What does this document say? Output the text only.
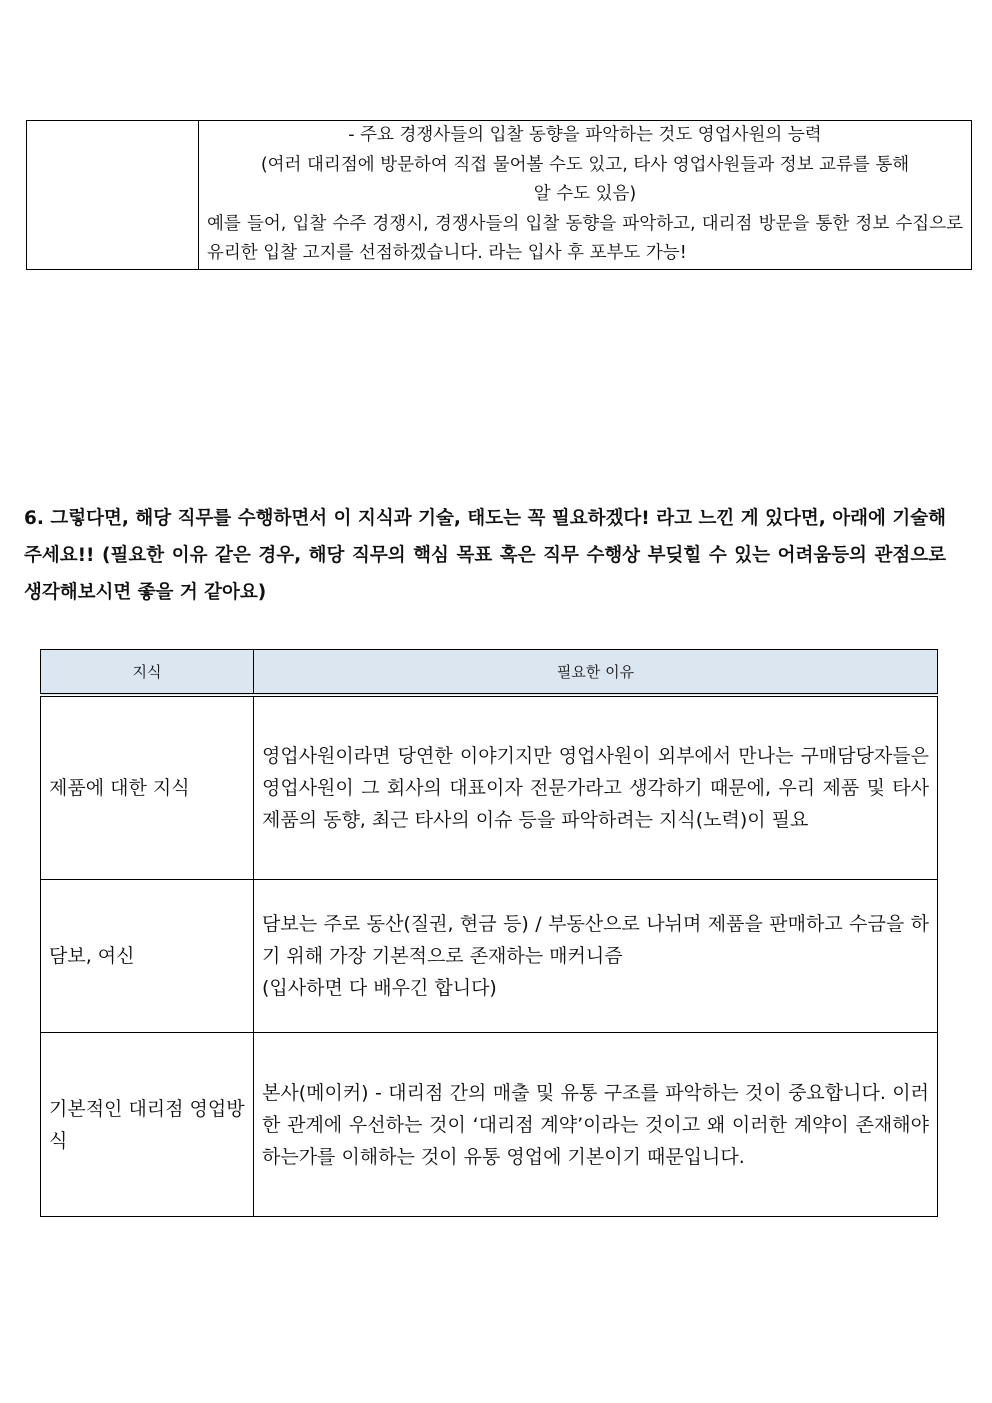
- 주요 경쟁사들의 입찰 동향을 파악하는 것도 영업사원의 능력
(여러 대리점에 방문하여 직접 물어볼 수도 있고, 타사 영업사원들과 정보 교류를 통해
알 수도 있음)
예를 들어, 입찰 수주 경쟁시, 경쟁사들의 입찰 동향을 파악하고, 대리점 방문을 통한 정보 수집으로 유리한 입찰 고지를 선점하겠습니다. 라는 입사 후 포부도 가능!
6. 그렇다면, 해당 직무를 수행하면서 이 지식과 기술, 태도는 꼭 필요하겠다! 라고 느낀 게 있다면, 아래에 기술해주세요!! (필요한 이유 같은 경우, 해당 직무의 핵심 목표 혹은 직무 수행상 부딪힐 수 있는 어려움등의 관점으로 생각해보시면 좋을 거 같아요)
지식	필요한 이유
제품에 대한 지식	영업사원이라면 당연한 이야기지만 영업사원이 외부에서 만나는 구매담당자들은 영업사원이 그 회사의 대표이자 전문가라고 생각하기 때문에, 우리 제품 및 타사 제품의 동향, 최근 타사의 이슈 등을 파악하려는 지식(노력)이 필요
담보, 여신	담보는 주로 동산(질권, 현금 등) / 부동산으로 나뉘며 제품을 판매하고 수금을 하기 위해 가장 기본적으로 존재하는 매커니즘
(입사하면 다 배우긴 합니다)

기본적인 대리점 영업방식	본사(메이커) - 대리점 간의 매출 및 유통 구조를 파악하는 것이 중요합니다. 이러한 관계에 우선하는 것이 ‘대리점 계약’이라는 것이고 왜 이러한 계약이 존재해야하는가를 이해하는 것이 유통 영업에 기본이기 때문입니다.
